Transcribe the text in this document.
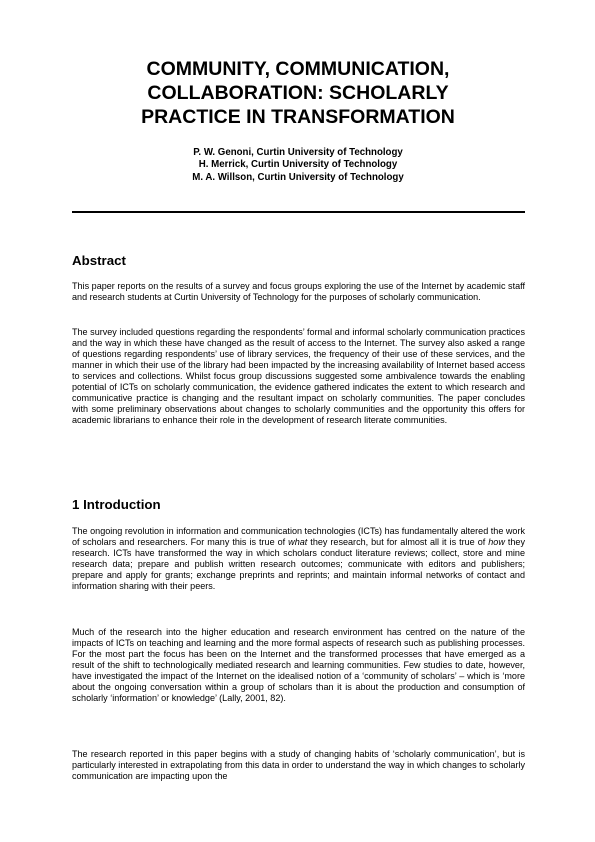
COMMUNITY, COMMUNICATION,
COLLABORATION: SCHOLARLY
PRACTICE IN TRANSFORMATION
P. W. Genoni, Curtin University of Technology
H. Merrick, Curtin University of Technology
M. A. Willson, Curtin University of Technology
Abstract

This paper reports on the results of a survey and focus groups exploring the use of the Internet by academic staff and research students at Curtin University of Technology for the purposes of scholarly communication.

The survey included questions regarding the respondents’ formal and informal scholarly communication practices and the way in which these have changed as the result of access to the Internet. The survey also asked a range of questions regarding respondents’ use of library services, the frequency of their use of these services, and the manner in which their use of the library had been impacted by the increasing availability of Internet based access to services and collections. Whilst focus group discussions suggested some ambivalence towards the enabling potential of ICTs on scholarly communication, the evidence gathered indicates the extent to which research and communicative practice is changing and the resultant impact on scholarly communities. The paper concludes with some preliminary observations about changes to scholarly communities and the opportunity this offers for academic librarians to enhance their role in the development of research literate communities.

1 Introduction

The ongoing revolution in information and communication technologies (ICTs) has fundamentally altered the work of scholars and researchers. For many this is true of what they research, but for almost all it is true of how they research. ICTs have transformed the way in which scholars conduct literature reviews; collect, store and mine research data; prepare and publish written research outcomes; communicate with editors and publishers; prepare and apply for grants; exchange preprints and reprints; and maintain informal networks of contact and information sharing with their peers.

Much of the research into the higher education and research environment has centred on the nature of the impacts of ICTs on teaching and learning and the more formal aspects of research such as publishing processes. For the most part the focus has been on the Internet and the transformed processes that have emerged as a result of the shift to technologically mediated research and learning communities. Few studies to date, however, have investigated the impact of the Internet on the idealised notion of a ‘community of scholars’ – which is ‘more about the ongoing conversation within a group of scholars than it is about the production and consumption of scholarly ‘information’ or knowledge’ (Lally, 2001, 82).

The research reported in this paper begins with a study of changing habits of ‘scholarly communication’, but is particularly interested in extrapolating from this data in order to understand the way in which changes to scholarly communication are impacting upon the
